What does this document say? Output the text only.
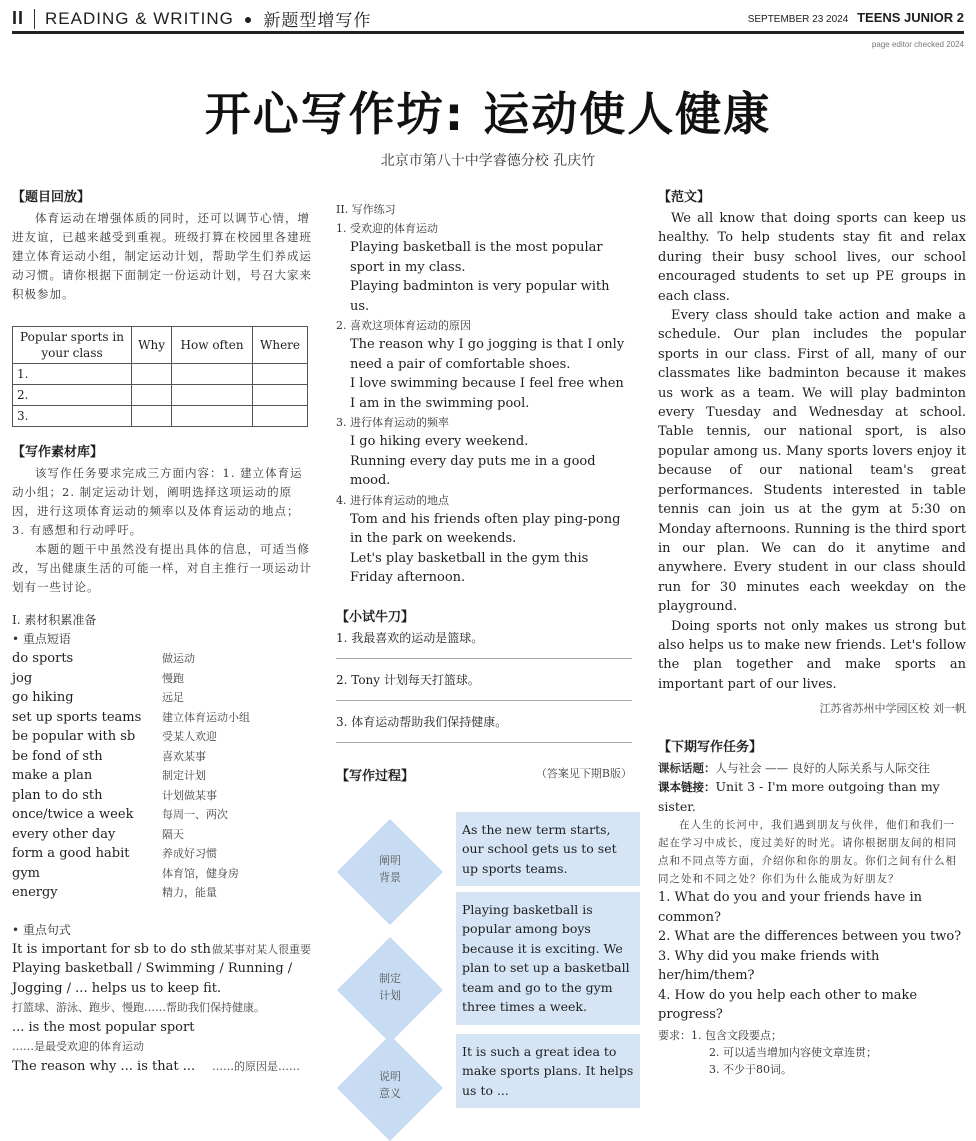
II READING & WRITING ● 新题型增写作	SEPTEMBER 23 2024 TEENS JUNIOR 2
page editor checked 2024
开心写作坊: 运动使人健康
北京市第八十中学睿德分校 孔庆竹
【题目回放】

体育运动在增强体质的同时，还可以调节心情，增进友谊，已越来越受到重视。班级打算在校园里各建班建立体育运动小组，制定运动计划，帮助学生们养成运动习惯。请你根据下面制定一份运动计划，号召大家来积极参加。

Popular sports in your class	Why	How often	Where
1.			
2.			
3.			
【写作素材库】

该写作任务要求完成三方面内容：1. 建立体育运动小组；2. 制定运动计划，阐明选择这项运动的原因，进行这项体育运动的频率以及体育运动的地点；3. 有感想和行动呼吁。

本题的题干中虽然没有提出具体的信息，可适当修改，写出健康生活的可能一样，对自主推行一项运动计划有一些讨论。

I. 素材积累准备
• 重点短语
do sports	做运动
jog	慢跑
go hiking	远足
set up sports teams	建立体育运动小组
be popular with sb	受某人欢迎
be fond of sth	喜欢某事
make a plan	制定计划
plan to do sth	计划做某事
once/twice a week	每周一、两次
every other day	隔天
form a good habit	养成好习惯
gym	体育馆，健身房
energy	精力，能量
• 重点句式
It is important for sb to do sth 做某事对某人很重要
Playing basketball / Swimming / Running / Jogging / ... helps us to keep fit.
打篮球、游泳、跑步、慢跑……帮助我们保持健康。
... is the most popular sport
……是最受欢迎的体育运动
The reason why ... is that ...	……的原因是……
II. 写作练习
1. 受欢迎的体育运动
Playing basketball is the most popular sport in my class.
Playing badminton is very popular with us.
2. 喜欢这项体育运动的原因
The reason why I go jogging is that I only need a pair of comfortable shoes.
I love swimming because I feel free when I am in the swimming pool.
3. 进行体育运动的频率
I go hiking every weekend.
Running every day puts me in a good mood.
4. 进行体育运动的地点
Tom and his friends often play ping-pong in the park on weekends.
Let's play basketball in the gym this Friday afternoon.
【小试牛刀】
1. 我最喜欢的运动是篮球。
2. Tony 计划每天打篮球。
3. 体育运动帮助我们保持健康。
【写作过程】	（答案见下期B版）
阐明
背景
As the new term starts, our school gets us to set up sports teams.
制定
计划
Playing basketball is popular among boys because it is exciting. We plan to set up a basketball team and go to the gym three times a week.
说明
意义
It is such a great idea to make sports plans. It helps us to ...
【范文】

We all know that doing sports can keep us healthy. To help students stay fit and relax during their busy school lives, our school encouraged students to set up PE groups in each class.

Every class should take action and make a schedule. Our plan includes the popular sports in our class. First of all, many of our classmates like badminton because it makes us work as a team. We will play badminton every Tuesday and Wednesday at school. Table tennis, our national sport, is also popular among us. Many sports lovers enjoy it because of our national team's great performances. Students interested in table tennis can join us at the gym at 5:30 on Monday afternoons. Running is the third sport in our plan. We can do it anytime and anywhere. Every student in our class should run for 30 minutes each weekday on the playground.

Doing sports not only makes us strong but also helps us to make new friends. Let's follow the plan together and make sports an important part of our lives.

江苏省苏州中学园区校 刘一帆

【下期写作任务】
课标话题：人与社会 —— 良好的人际关系与人际交往
课本链接：Unit 3 - I'm more outgoing than my sister.

在人生的长河中，我们遇到朋友与伙伴，他们和我们一起在学习中成长，度过美好的时光。请你根据朋友间的相同点和不同点等方面，介绍你和你的朋友。你们之间有什么相同之处和不同之处？你们为什么能成为好朋友？

1. What do you and your friends have in common?
2. What are the differences between you two?
3. Why did you make friends with her/him/them?
4. How do you help each other to make progress?
要求： 1. 包含文段要点；
2. 可以适当增加内容使文章连贯；
3. 不少于80词。
